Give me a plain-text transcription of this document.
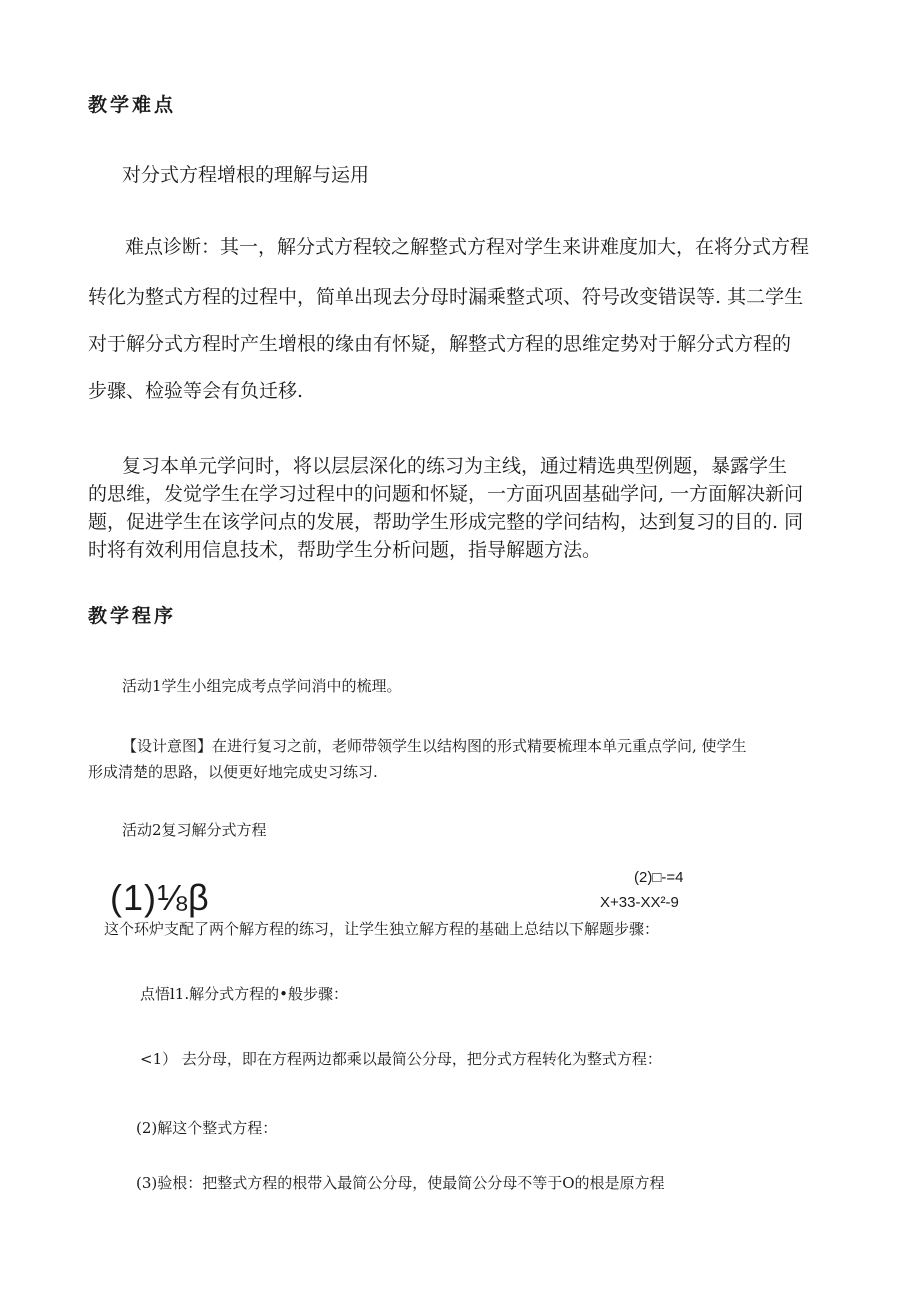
教学难点

对分式方程增根的理解与运用

难点诊断：其一，解分式方程较之解整式方程对学生来讲难度加大，在将分式方程

转化为整式方程的过程中，简单出现去分母时漏乘整式项、符号改变错误等. 其二学生

对于解分式方程时产生增根的缘由有怀疑，解整式方程的思维定势对于解分式方程的

步骤、检验等会有负迁移.

复习本单元学问时，将以层层深化的练习为主线，通过精选典型例题，暴露学生

的思维，发觉学生在学习过程中的问题和怀疑，一方面巩固基础学问, 一方面解决新问

题，促进学生在该学问点的发展，帮助学生形成完整的学问结构，达到复习的目的. 同

时将有效利用信息技术，帮助学生分析问题，指导解题方法。

教学程序

活动1学生小组完成考点学问消中的梳理。

【设计意图】在进行复习之前，老师带领学生以结构图的形式精要梳理本单元重点学问, 使学生

形成清楚的思路，以便更好地完成史习练习.

活动2复习解分式方程

(2)□-=4

(1)⅛β	X+33-XX²-9

这个环炉支配了两个解方程的练习，让学生独立解方程的基础上总结以下解题步骤：

点悟l1.解分式方程的•般步骤：

<1） 去分母，即在方程两边都乘以最简公分母，把分式方程转化为整式方程：

(2)解这个整式方程：

(3)验根：把整式方程的根带入最简公分母，使最简公分母不等于O的根是原方程
